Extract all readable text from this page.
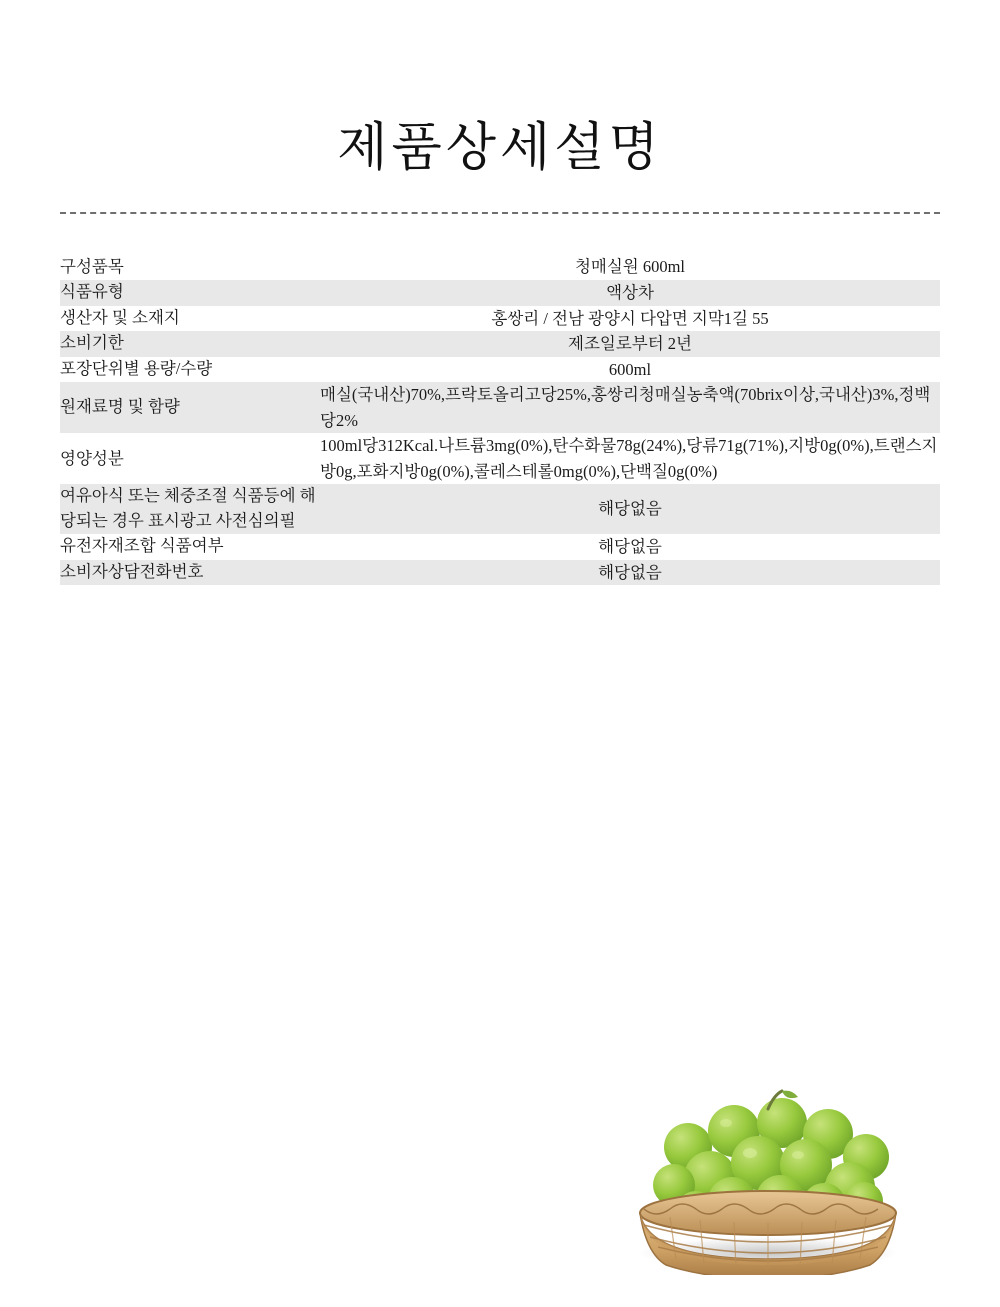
제품상세설명
구성품목	청매실원 600ml
식품유형	액상차
생산자 및 소재지	홍쌍리 / 전남 광양시 다압면 지막1길 55
소비기한	제조일로부터 2년
포장단위별 용량/수량	600ml
원재료명 및 함량	매실(국내산)70%,프락토올리고당25%,홍쌍리청매실농축액(70brix이상,국내산)3%,정백당2%
영양성분	100ml당312Kcal.나트륨3mg(0%),탄수화물78g(24%),당류71g(71%),지방0g(0%),트랜스지방0g,포화지방0g(0%),콜레스테롤0mg(0%),단백질0g(0%)
여유아식 또는 체중조절 식품등에 해당되는 경우 표시광고 사전심의필	해당없음
유전자재조합 식품여부	해당없음
소비자상담전화번호	해당없음
